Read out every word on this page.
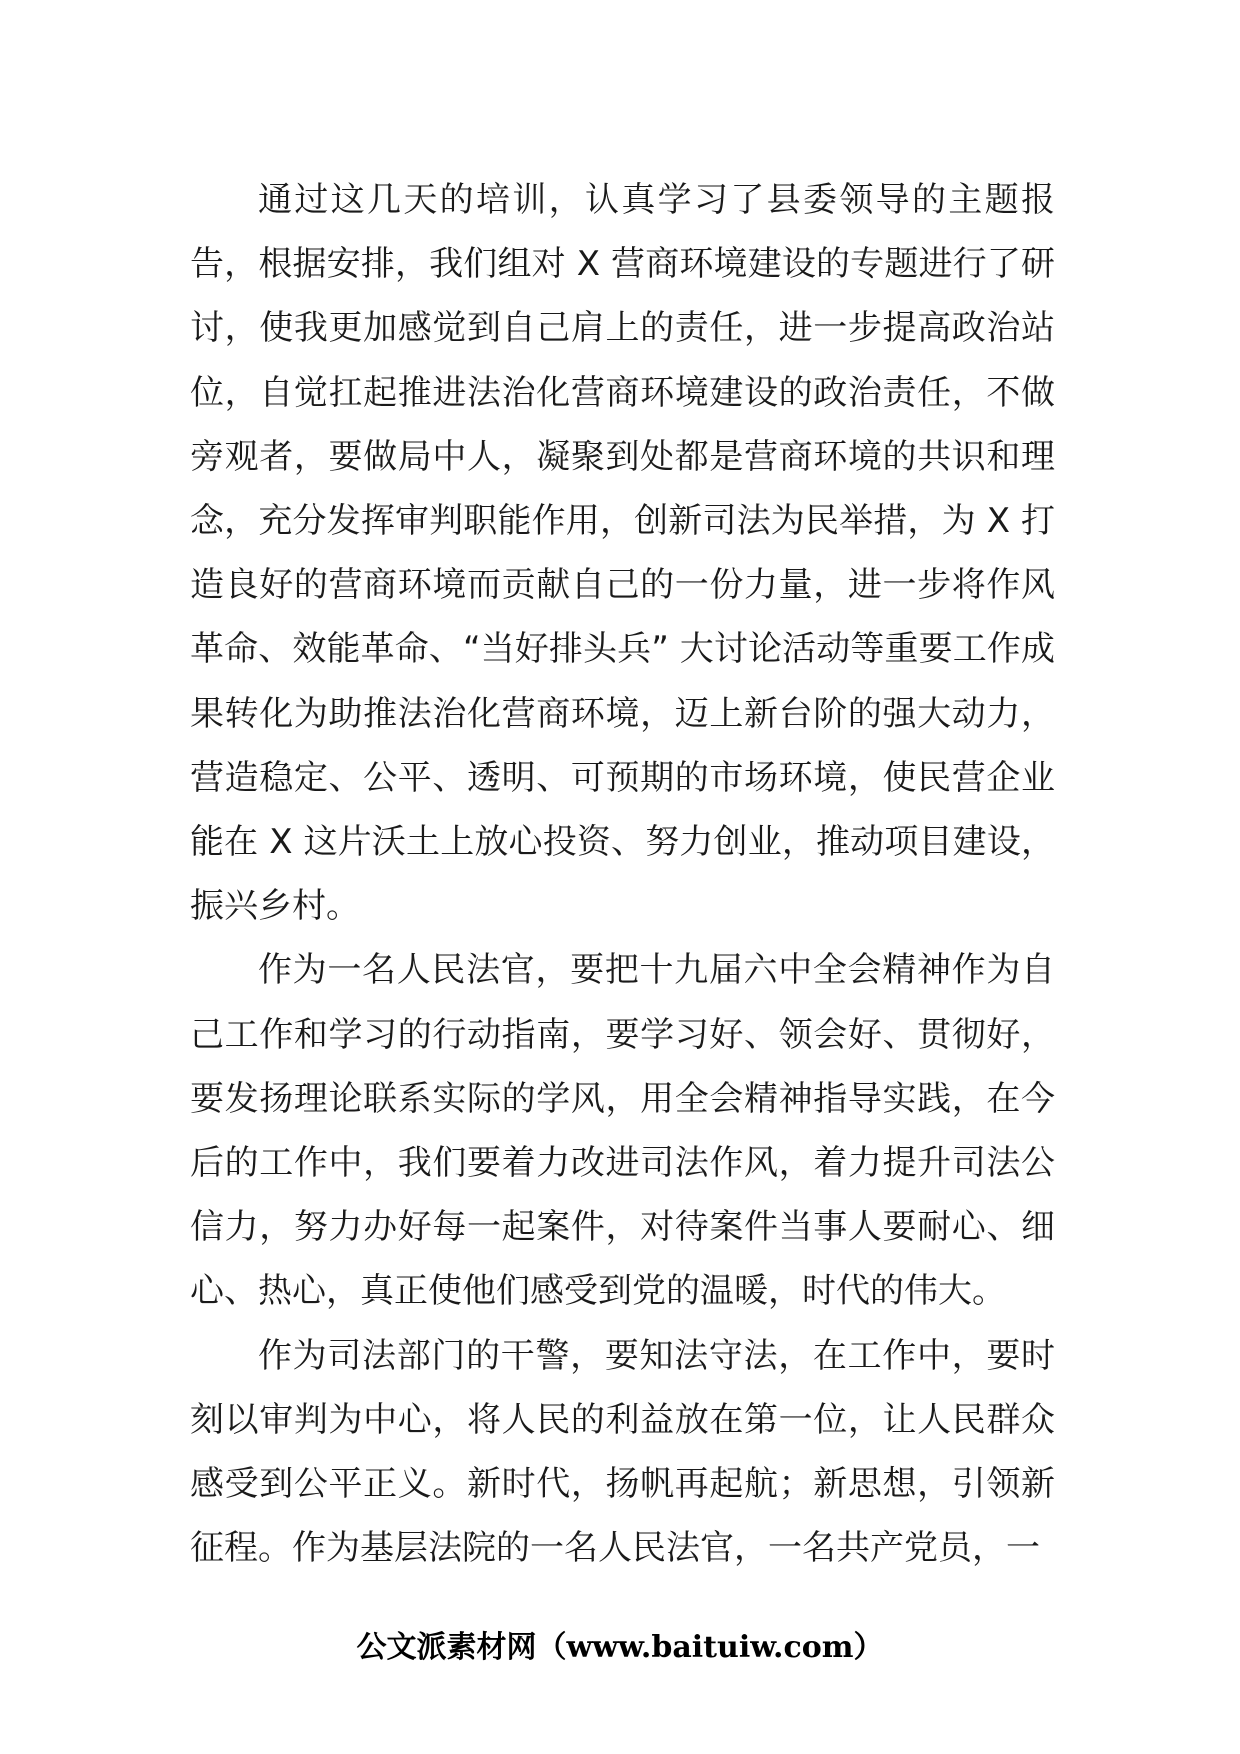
通过这几天的培训，认真学习了县委领导的主题报告，根据安排，我们组对 X 营商环境建设的专题进行了研讨，使我更加感觉到自己肩上的责任，进一步提高政治站位，自觉扛起推进法治化营商环境建设的政治责任，不做旁观者，要做局中人，凝聚到处都是营商环境的共识和理念，充分发挥审判职能作用，创新司法为民举措，为 X 打造良好的营商环境而贡献自己的一份力量，进一步将作风革命、效能革命、“当好排头兵” 大讨论活动等重要工作成果转化为助推法治化营商环境，迈上新台阶的强大动力，营造稳定、公平、透明、可预期的市场环境，使民营企业能在 X 这片沃土上放心投资、努力创业，推动项目建设，振兴乡村。

作为一名人民法官，要把十九届六中全会精神作为自己工作和学习的行动指南，要学习好、领会好、贯彻好，要发扬理论联系实际的学风，用全会精神指导实践，在今后的工作中，我们要着力改进司法作风，着力提升司法公信力，努力办好每一起案件，对待案件当事人要耐心、细心、热心，真正使他们感受到党的温暖，时代的伟大。

作为司法部门的干警，要知法守法，在工作中，要时刻以审判为中心，将人民的利益放在第一位，让人民群众感受到公平正义。新时代，扬帆再起航；新思想，引领新征程。作为基层法院的一名人民法官，一名共产党员，一

公文派素材网（www.baituiw.com）
